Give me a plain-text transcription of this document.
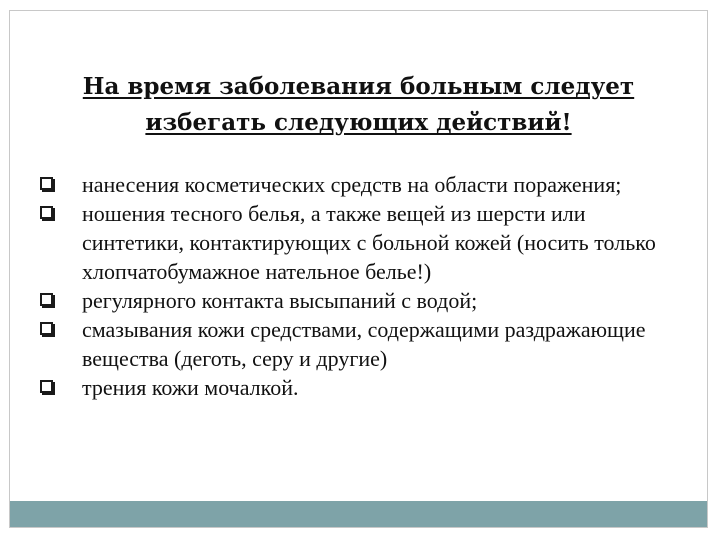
На время заболевания больным следует
избегать следующих действий!
нанесения косметических средств на области поражения;
ношения тесного белья, а также вещей из шерсти или синтетики, контактирующих с больной кожей (носить только хлопчатобумажное нательное белье!)
регулярного контакта высыпаний с водой;
смазывания кожи средствами, содержащими раздражающие вещества (деготь, серу и другие)
трения кожи мочалкой.
